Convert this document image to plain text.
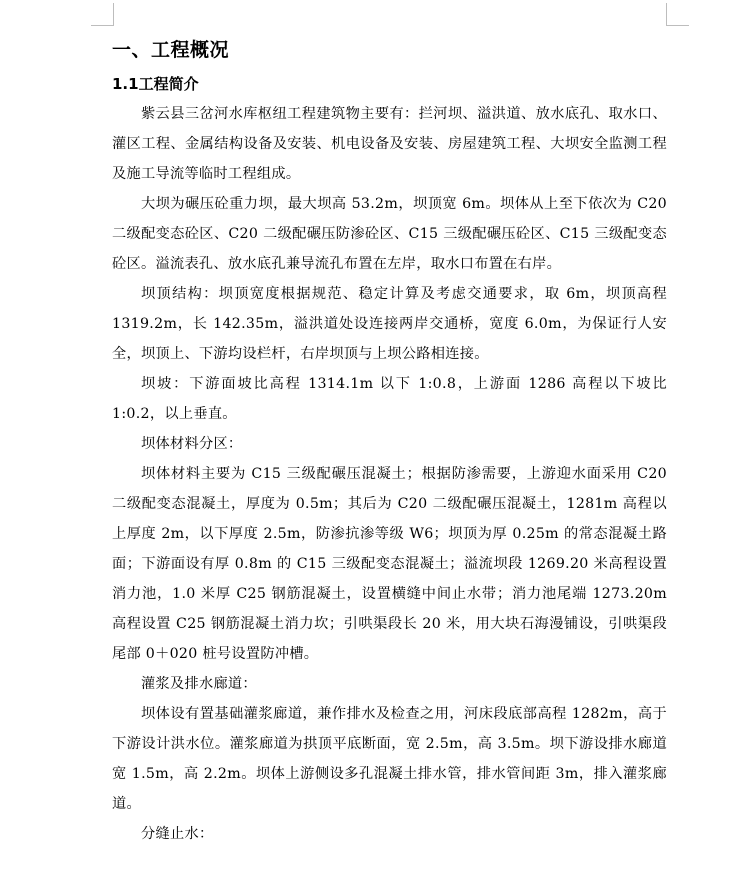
一、工程概况
1.1工程简介

紫云县三岔河水库枢纽工程建筑物主要有：拦河坝、溢洪道、放水底孔、取水口、灌区工程、金属结构设备及安装、机电设备及安装、房屋建筑工程、大坝安全监测工程及施工导流等临时工程组成。

大坝为碾压砼重力坝，最大坝高 53.2m，坝顶宽 6m。坝体从上至下依次为 C20 二级配变态砼区、C20 二级配碾压防渗砼区、C15 三级配碾压砼区、C15 三级配变态砼区。溢流表孔、放水底孔兼导流孔布置在左岸，取水口布置在右岸。

坝顶结构：坝顶宽度根据规范、稳定计算及考虑交通要求，取 6m，坝顶高程 1319.2m，长 142.35m，溢洪道处设连接两岸交通桥，宽度 6.0m，为保证行人安全，坝顶上、下游均设栏杆，右岸坝顶与上坝公路相连接。

坝坡：下游面坡比高程 1314.1m 以下 1:0.8，上游面 1286 高程以下坡比 1:0.2，以上垂直。

坝体材料分区：

坝体材料主要为 C15 三级配碾压混凝土；根据防渗需要，上游迎水面采用 C20 二级配变态混凝土，厚度为 0.5m；其后为 C20 二级配碾压混凝土，1281m 高程以上厚度 2m，以下厚度 2.5m，防渗抗渗等级 W6；坝顶为厚 0.25m 的常态混凝土路面；下游面设有厚 0.8m 的 C15 三级配变态混凝土；溢流坝段 1269.20 米高程设置消力池，1.0 米厚 C25 钢筋混凝土，设置横缝中间止水带；消力池尾端 1273.20m 高程设置 C25 钢筋混凝土消力坎；引哄渠段长 20 米，用大块石海漫铺设，引哄渠段尾部 0＋020 桩号设置防冲槽。

灌浆及排水廊道：

坝体设有置基础灌浆廊道，兼作排水及检查之用，河床段底部高程 1282m，高于下游设计洪水位。灌浆廊道为拱顶平底断面，宽 2.5m，高 3.5m。坝下游设排水廊道宽 1.5m，高 2.2m。坝体上游侧设多孔混凝土排水管，排水管间距 3m，排入灌浆廊道。

分缝止水：
